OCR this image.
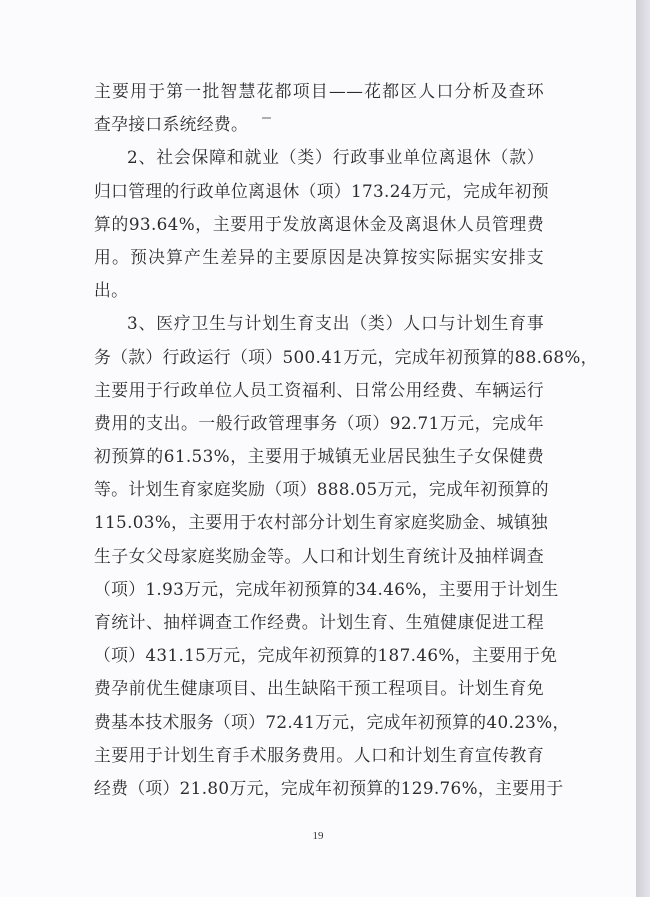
主要用于第一批智慧花都项目——花都区人口分析及查环
查孕接口系统经费。
2、社会保障和就业（类）行政事业单位离退休（款）
归口管理的行政单位离退休（项）173.24万元，完成年初预
算的93.64%，主要用于发放离退休金及离退休人员管理费
用。预决算产生差异的主要原因是决算按实际据实安排支
出。
3、医疗卫生与计划生育支出（类）人口与计划生育事
务（款）行政运行（项）500.41万元，完成年初预算的88.68%，
主要用于行政单位人员工资福利、日常公用经费、车辆运行
费用的支出。一般行政管理事务（项）92.71万元，完成年
初预算的61.53%，主要用于城镇无业居民独生子女保健费
等。计划生育家庭奖励（项）888.05万元，完成年初预算的
115.03%，主要用于农村部分计划生育家庭奖励金、城镇独
生子女父母家庭奖励金等。人口和计划生育统计及抽样调查
（项）1.93万元，完成年初预算的34.46%，主要用于计划生
育统计、抽样调查工作经费。计划生育、生殖健康促进工程
（项）431.15万元，完成年初预算的187.46%，主要用于免
费孕前优生健康项目、出生缺陷干预工程项目。计划生育免
费基本技术服务（项）72.41万元，完成年初预算的40.23%，
主要用于计划生育手术服务费用。人口和计划生育宣传教育
经费（项）21.80万元，完成年初预算的129.76%，主要用于
19
